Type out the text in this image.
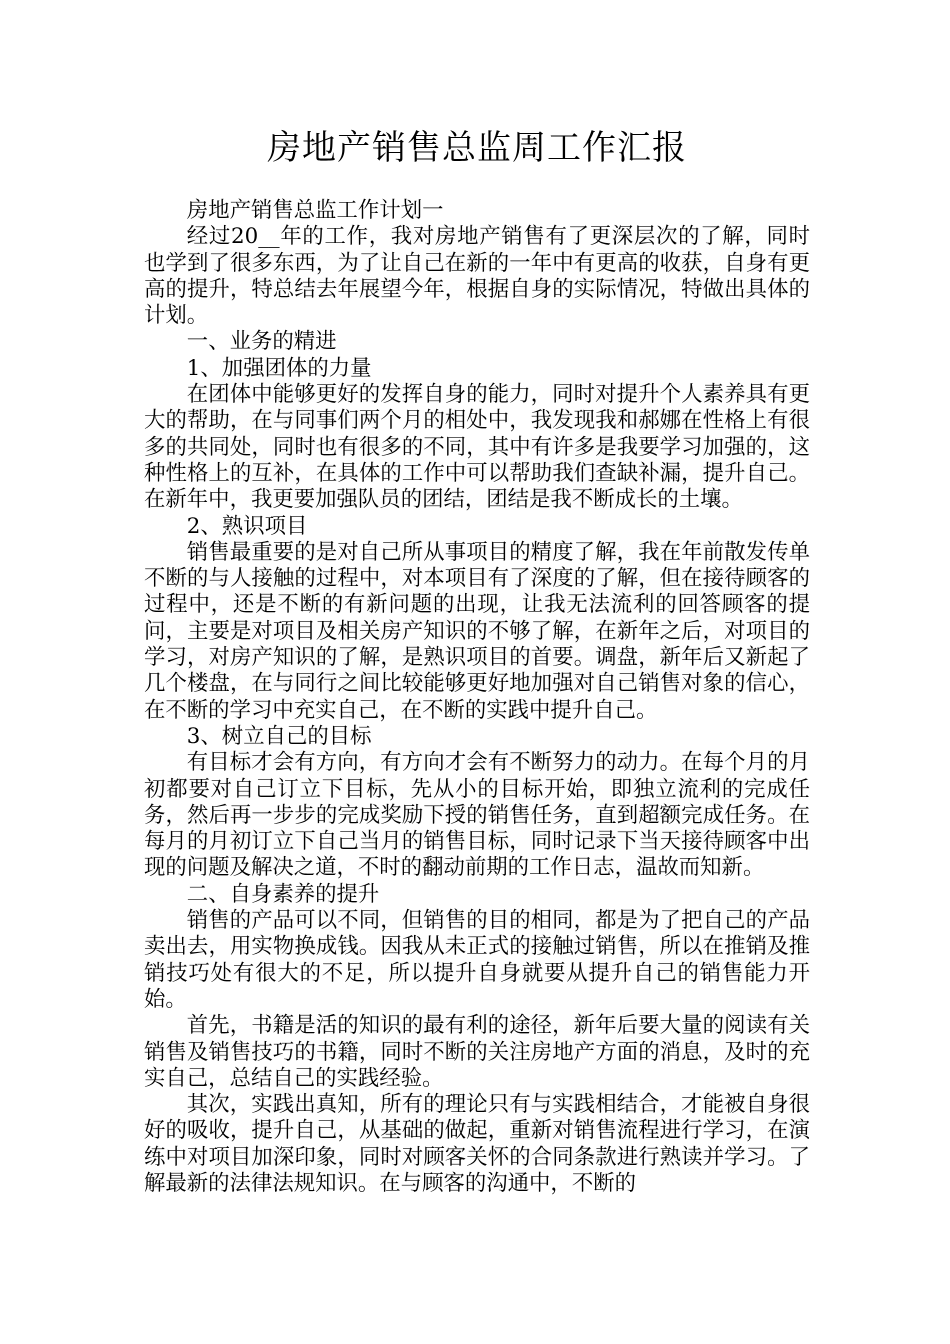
房地产销售总监周工作汇报

房地产销售总监工作计划一

经过20__年的工作，我对房地产销售有了更深层次的了解，同时也学到了很多东西，为了让自己在新的一年中有更高的收获，自身有更高的提升，特总结去年展望今年，根据自身的实际情况，特做出具体的计划。

一、业务的精进

1、加强团体的力量

在团体中能够更好的发挥自身的能力，同时对提升个人素养具有更大的帮助，在与同事们两个月的相处中，我发现我和郝娜在性格上有很多的共同处，同时也有很多的不同，其中有许多是我要学习加强的，这种性格上的互补，在具体的工作中可以帮助我们查缺补漏，提升自己。在新年中，我更要加强队员的团结，团结是我不断成长的土壤。

2、熟识项目

销售最重要的是对自己所从事项目的精度了解，我在年前散发传单不断的与人接触的过程中，对本项目有了深度的了解，但在接待顾客的过程中，还是不断的有新问题的出现，让我无法流利的回答顾客的提问，主要是对项目及相关房产知识的不够了解，在新年之后，对项目的学习，对房产知识的了解，是熟识项目的首要。调盘，新年后又新起了几个楼盘，在与同行之间比较能够更好地加强对自己销售对象的信心，在不断的学习中充实自己，在不断的实践中提升自己。

3、树立自己的目标

有目标才会有方向，有方向才会有不断努力的动力。在每个月的月初都要对自己订立下目标，先从小的目标开始，即独立流利的完成任务，然后再一步步的完成奖励下授的销售任务，直到超额完成任务。在每月的月初订立下自己当月的销售目标，同时记录下当天接待顾客中出现的问题及解决之道，不时的翻动前期的工作日志，温故而知新。

二、自身素养的提升

销售的产品可以不同，但销售的目的相同，都是为了把自己的产品卖出去，用实物换成钱。因我从未正式的接触过销售，所以在推销及推销技巧处有很大的不足，所以提升自身就要从提升自己的销售能力开始。

首先，书籍是活的知识的最有利的途径，新年后要大量的阅读有关销售及销售技巧的书籍，同时不断的关注房地产方面的消息，及时的充实自己，总结自己的实践经验。

其次，实践出真知，所有的理论只有与实践相结合，才能被自身很好的吸收，提升自己，从基础的做起，重新对销售流程进行学习，在演练中对项目加深印象，同时对顾客关怀的合同条款进行熟读并学习。了解最新的法律法规知识。在与顾客的沟通中，不断的
